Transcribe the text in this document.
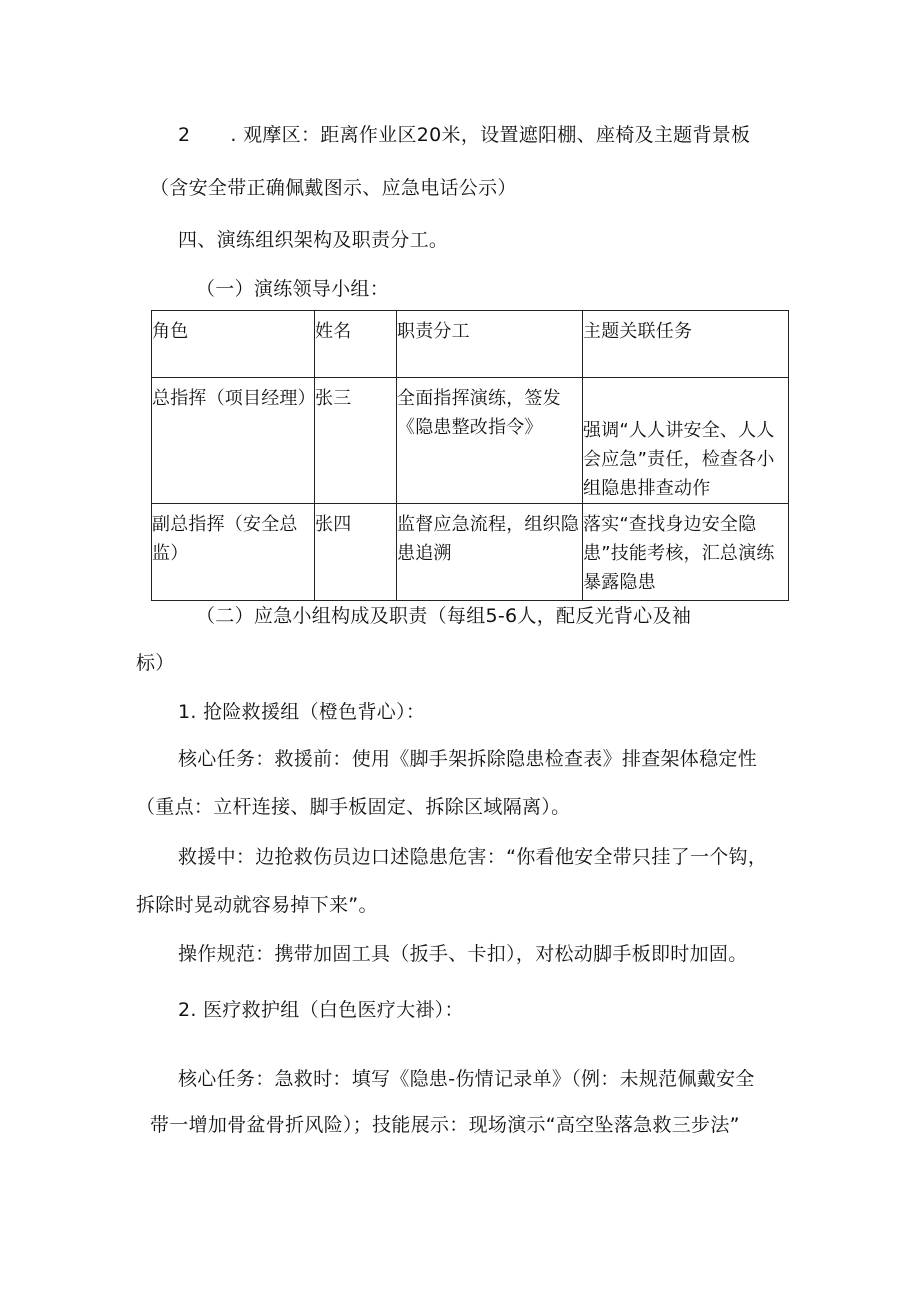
2 . 观摩区：距离作业区20米，设置遮阳棚、座椅及主题背景板
（含安全带正确佩戴图示、应急电话公示）
四、演练组织架构及职责分工。
（一）演练领导小组：
角色	姓名	职责分工	主题关联任务

总指挥（项目经理）	张三	全面指挥演练，签发《隐患整改指令》	强调“人人讲安全、人人会应急”责任，检查各小组隐患排查动作

副总指挥（安全总监）	张四	监督应急流程，组织隐患追溯	落实“查找身边安全隐患”技能考核，汇总演练暴露隐患
（二）应急小组构成及职责（每组5-6人，配反光背心及袖
标）
1. 抢险救援组（橙色背心）：
核心任务：救援前：使用《脚手架拆除隐患检查表》排查架体稳定性
（重点：立杆连接、脚手板固定、拆除区域隔离）。
救援中：边抢救伤员边口述隐患危害：“你看他安全带只挂了一个钩，
拆除时晃动就容易掉下来”。
操作规范：携带加固工具（扳手、卡扣），对松动脚手板即时加固。
2. 医疗救护组（白色医疗大褂）：
核心任务：急救时：填写《隐患-伤情记录单》（例：未规范佩戴安全
带一增加骨盆骨折风险）；技能展示：现场演示“高空坠落急救三步法”
